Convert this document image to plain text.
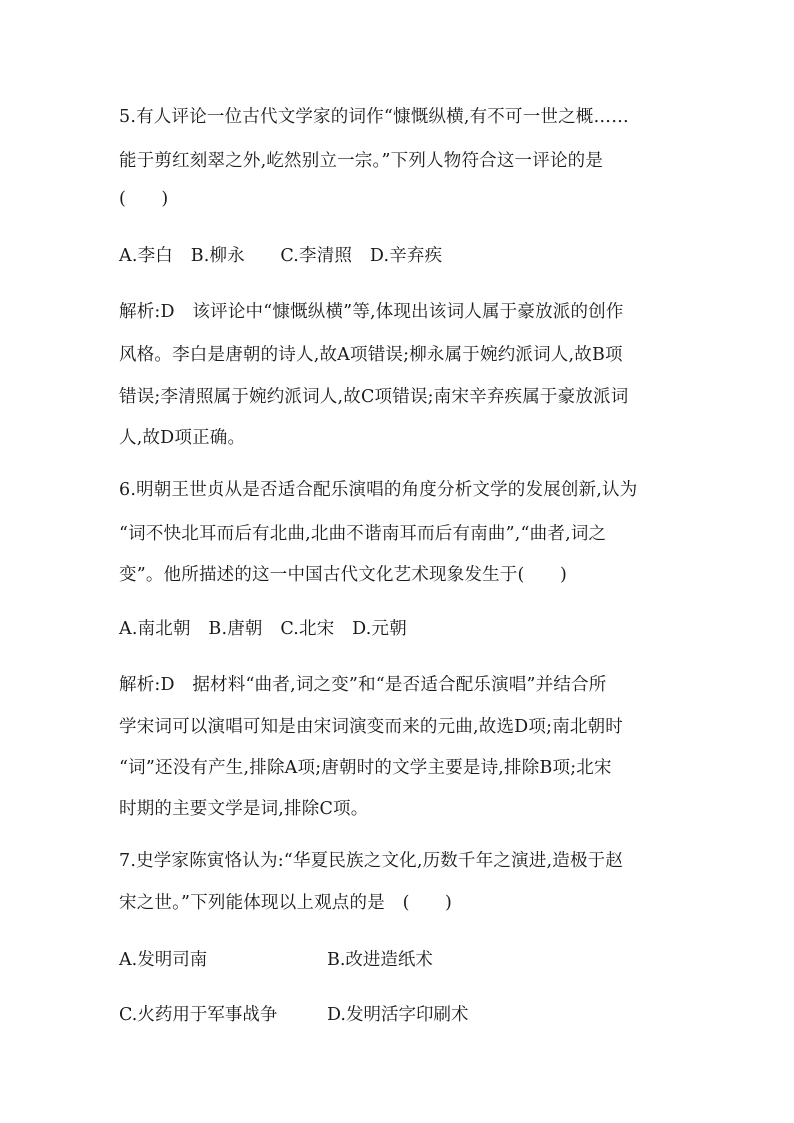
5.有人评论一位古代文学家的词作“慷慨纵横,有不可一世之概……
能于剪红刻翠之外,屹然别立一宗。”下列人物符合这一评论的是
(　　)
A.李白　B.柳永　　C.李清照　D.辛弃疾
解析:D　该评论中“慷慨纵横”等,体现出该词人属于豪放派的创作
风格。李白是唐朝的诗人,故A项错误;柳永属于婉约派词人,故B项
错误;李清照属于婉约派词人,故C项错误;南宋辛弃疾属于豪放派词
人,故D项正确。
6.明朝王世贞从是否适合配乐演唱的角度分析文学的发展创新,认为
“词不快北耳而后有北曲,北曲不谐南耳而后有南曲”,“曲者,词之
变”。他所描述的这一中国古代文化艺术现象发生于(　　)
A.南北朝　B.唐朝　C.北宋　D.元朝
解析:D　据材料“曲者,词之变”和“是否适合配乐演唱”并结合所
学宋词可以演唱可知是由宋词演变而来的元曲,故选D项;南北朝时
“词”还没有产生,排除A项;唐朝时的文学主要是诗,排除B项;北宋
时期的主要文学是词,排除C项。
7.史学家陈寅恪认为:“华夏民族之文化,历数千年之演进,造极于赵
宋之世。”下列能体现以上观点的是　(　　)
A.发明司南	B.改进造纸术
C.火药用于军事战争	D.发明活字印刷术
